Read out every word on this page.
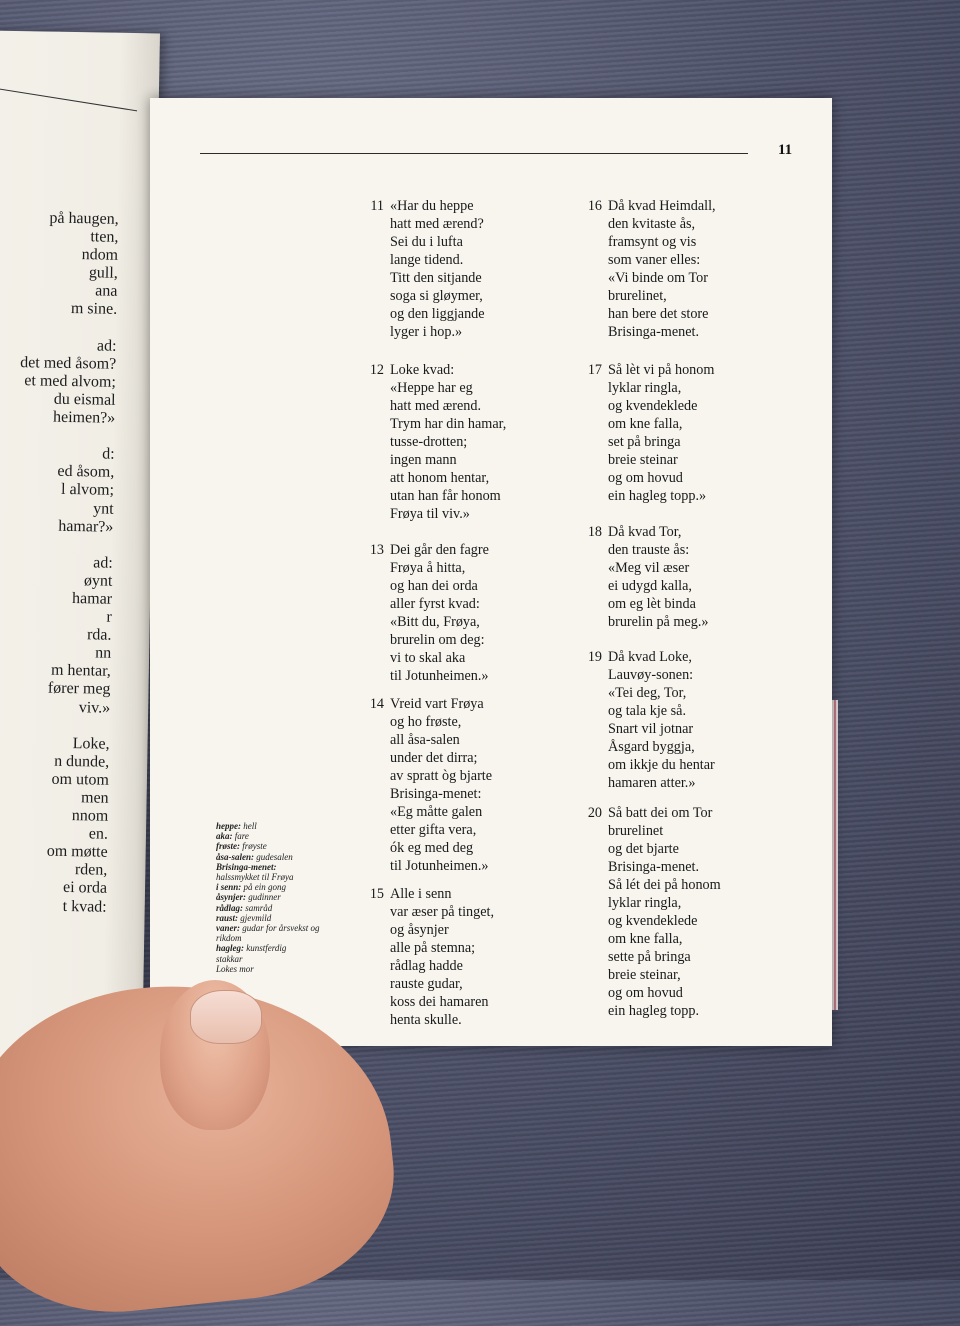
på haugen,
tten,
ndom
gull,
ana
m sine.
ad:
det med åsom?
et med alvom;
du eismal
heimen?»
d:
ed åsom,
l alvom;
ynt
hamar?»
ad:
øynt
hamar
r
rda.
nn
m hentar,
fører meg
viv.»
Loke,
n dunde,
om utom
men
nnom
en.
om møtte
rden,
ei orda
t kvad:
11
heppe: hell
aka: fare
frøste: frøyste
åsa-salen: gudesalen
Brisinga-menet:
halssmykket til Frøya
i senn: på ein gong
åsynjer: gudinner
rådlag: samråd
raust: gjevmild
vaner: gudar for årsvekst og
rikdom
hagleg: kunstferdig
stakkar
Lokes mor
11 «Har du heppe
hatt med ærend?
Sei du i lufta
lange tidend.
Titt den sitjande
soga si gløymer,
og den liggjande
lyger i hop.»
12 Loke kvad:
«Heppe har eg
hatt med ærend.
Trym har din hamar,
tusse-drotten;
ingen mann
att honom hentar,
utan han får honom
Frøya til viv.»
13 Dei går den fagre
Frøya å hitta,
og han dei orda
aller fyrst kvad:
«Bitt du, Frøya,
brurelin om deg:
vi to skal aka
til Jotunheimen.»
14 Vreid vart Frøya
og ho frøste,
all åsa-salen
under det dirra;
av spratt òg bjarte
Brisinga-menet:
«Eg måtte galen
etter gifta vera,
ók eg med deg
til Jotunheimen.»
15 Alle i senn
var æser på tinget,
og åsynjer
alle på stemna;
rådlag hadde
rauste gudar,
koss dei hamaren
henta skulle.
16 Då kvad Heimdall,
den kvitaste ås,
framsynt og vis
som vaner elles:
«Vi binde om Tor
brurelinet,
han bere det store
Brisinga-menet.
17 Så lèt vi på honom
lyklar ringla,
og kvendeklede
om kne falla,
set på bringa
breie steinar
og om hovud
ein hagleg topp.»
18 Då kvad Tor,
den trauste ås:
«Meg vil æser
ei udygd kalla,
om eg lèt binda
brurelin på meg.»
19 Då kvad Loke,
Lauvøy-sonen:
«Tei deg, Tor,
og tala kje så.
Snart vil jotnar
Åsgard byggja,
om ikkje du hentar
hamaren atter.»
20 Så batt dei om Tor
brurelinet
og det bjarte
Brisinga-menet.
Så lét dei på honom
lyklar ringla,
og kvendeklede
om kne falla,
sette på bringa
breie steinar,
og om hovud
ein hagleg topp.
